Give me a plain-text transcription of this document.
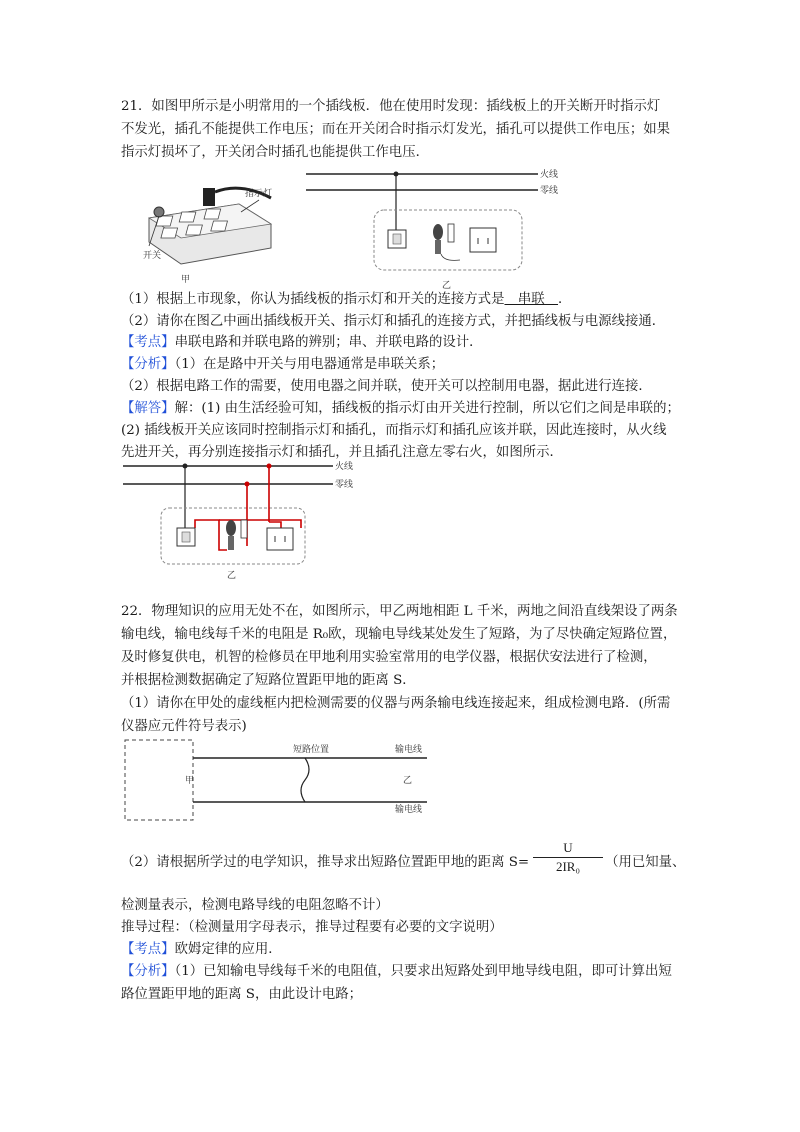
21．如图甲所示是小明常用的一个插线板．他在使用时发现：插线板上的开关断开时指示灯
不发光，插孔不能提供工作电压；而在开关闭合时指示灯发光，插孔可以提供工作电压；如果
指示灯损坏了，开关闭合时插孔也能提供工作电压．
开关
指示灯
甲
火线
零线
乙
（1）根据上市现象，你认为插线板的指示灯和开关的连接方式是　串联　．
（2）请你在图乙中画出插线板开关、指示灯和插孔的连接方式，并把插线板与电源线接通．
【考点】串联电路和并联电路的辨别；串、并联电路的设计．
【分析】（1）在是路中开关与用电器通常是串联关系；
（2）根据电路工作的需要，使用电器之间并联，使开关可以控制用电器，据此进行连接．
【解答】解：(1) 由生活经验可知，插线板的指示灯由开关进行控制，所以它们之间是串联的；
(2) 插线板开关应该同时控制指示灯和插孔，而指示灯和插孔应该并联，因此连接时，从火线
先进开关，再分别连接指示灯和插孔，并且插孔注意左零右火，如图所示．
火线
零线
乙
22．物理知识的应用无处不在，如图所示，甲乙两地相距 L 千米，两地之间沿直线架设了两条
输电线，输电线每千米的电阻是 R₀欧，现输电导线某处发生了短路，为了尽快确定短路位置，
及时修复供电，机智的检修员在甲地利用实验室常用的电学仪器，根据伏安法进行了检测，
并根据检测数据确定了短路位置距甲地的距离 S．
（1）请你在甲处的虚线框内把检测需要的仪器与两条输电线连接起来，组成检测电路．(所需
仪器应元件符号表示)
短路位置	输电线
输电线
甲	乙
（2）请根据所学过的电学知识，推导求出短路位置距甲地的距离 S=	（用已知量、
U
2IR₀
检测量表示，检测电路导线的电阻忽略不计）
推导过程：（检测量用字母表示，推导过程要有必要的文字说明）
【考点】欧姆定律的应用．
【分析】（1）已知输电导线每千米的电阻值，只要求出短路处到甲地导线电阻，即可计算出短
路位置距甲地的距离 S，由此设计电路；
